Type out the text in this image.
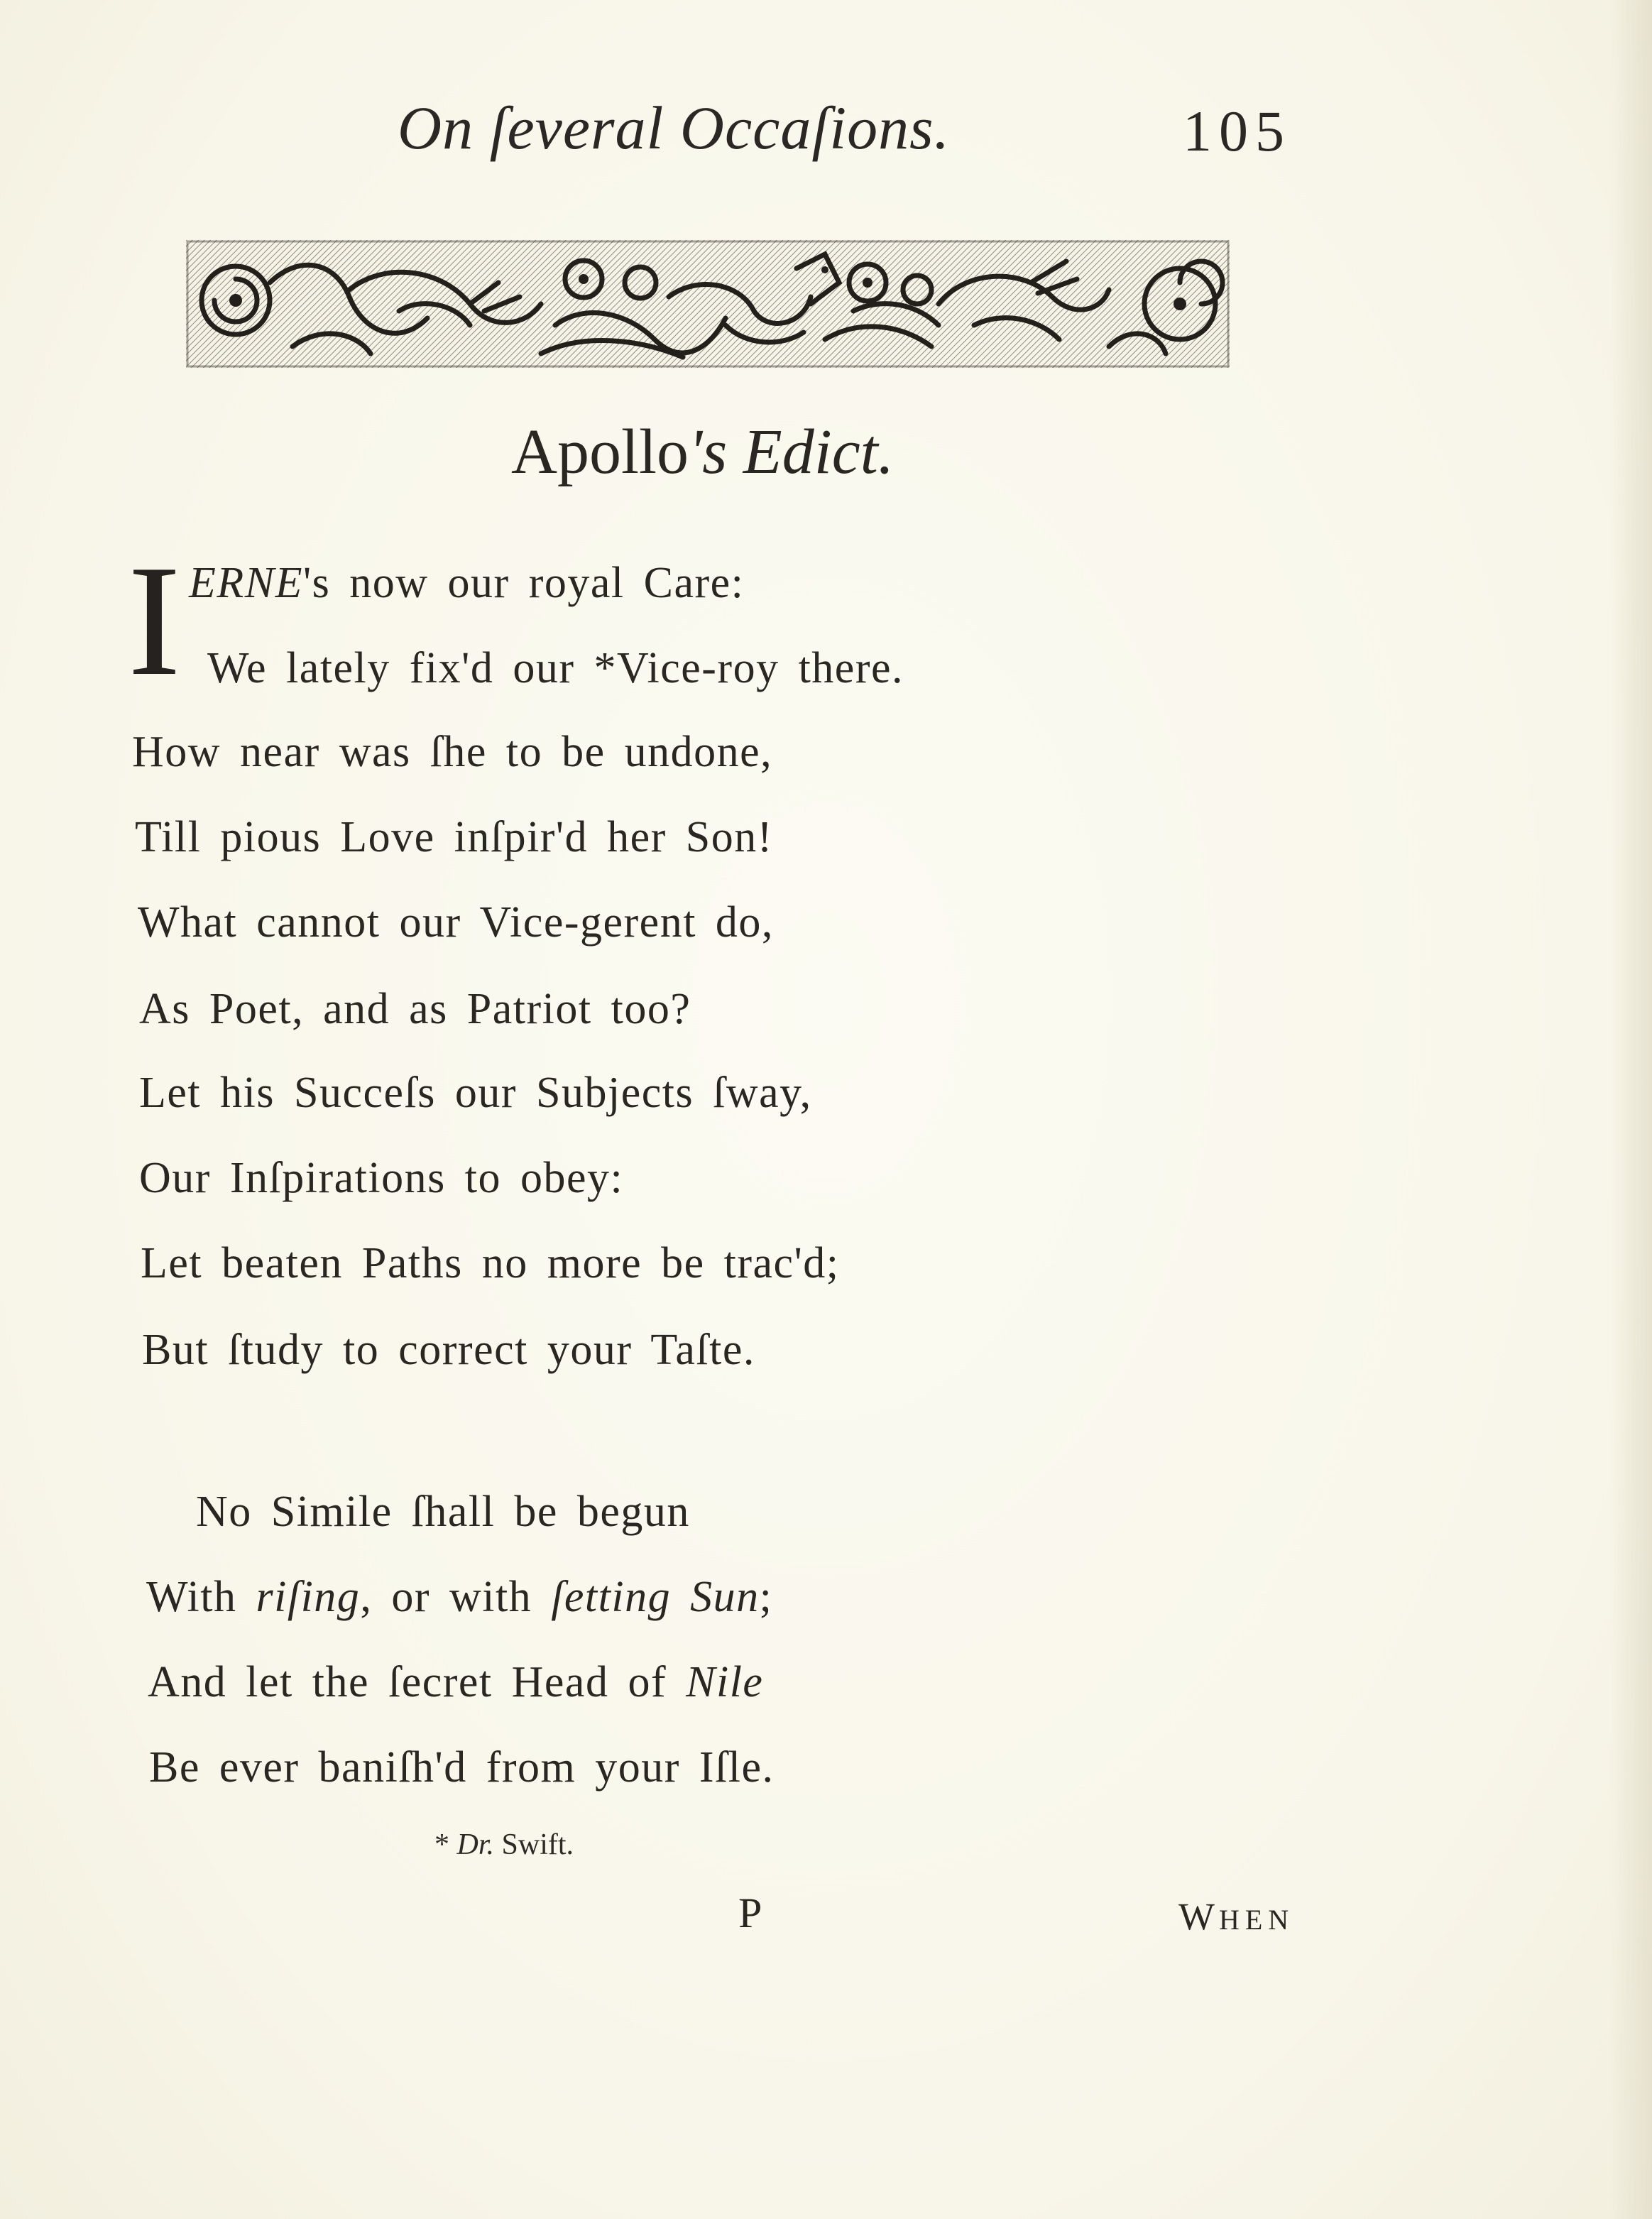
On ſeveral Occaſions.	105
Apollo's Edict.
I ERNE's now our royal Care:
We lately fix'd our *Vice-roy there.
How near was ſhe to be undone,
Till pious Love inſpir'd her Son!
What cannot our Vice-gerent do,
As Poet, and as Patriot too?
Let his Succeſs our Subjects ſway,
Our Inſpirations to obey:
Let beaten Paths no more be trac'd;
But ſtudy to correct your Taſte.
No Simile ſhall be begun
With riſing, or with ſetting Sun;
And let the ſecret Head of Nile
Be ever baniſh'd from your Iſle.
* Dr. Swift.
P	WHEN
